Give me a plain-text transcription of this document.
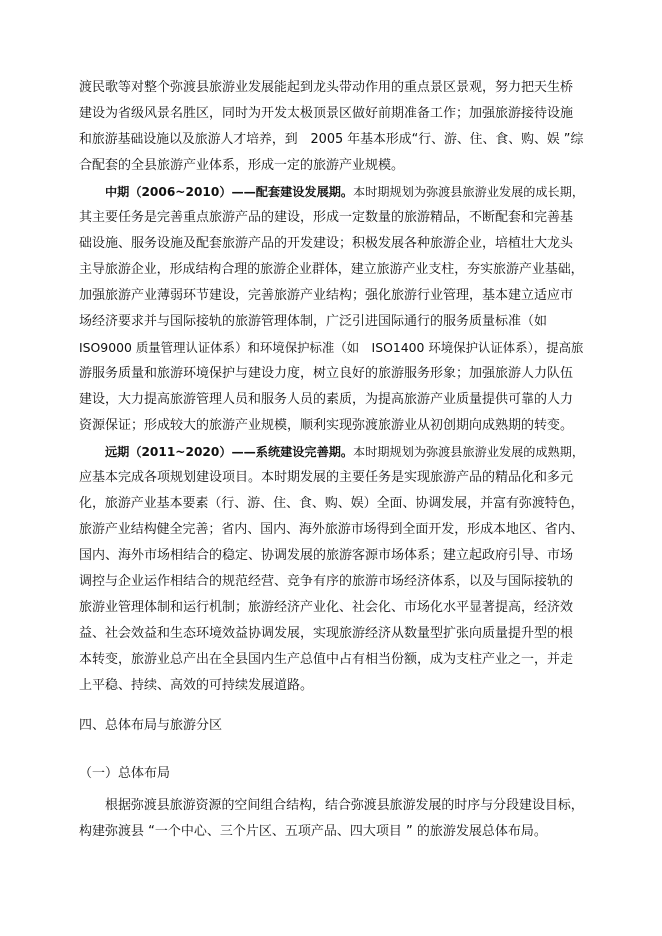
渡民歌等对整个弥渡县旅游业发展能起到龙头带动作用的重点景区景观，努力把天生桥
建设为省级风景名胜区，同时为开发太极顶景区做好前期准备工作；加强旅游接待设施
和旅游基础设施以及旅游人才培养，到　2005 年基本形成“行、游、住、食、购、娱 ”综
合配套的全县旅游产业体系，形成一定的旅游产业规模。
中期（2006~2010）——配套建设发展期。本时期规划为弥渡县旅游业发展的成长期，
其主要任务是完善重点旅游产品的建设，形成一定数量的旅游精品，不断配套和完善基
础设施、服务设施及配套旅游产品的开发建设；积极发展各种旅游企业，培植壮大龙头
主导旅游企业，形成结构合理的旅游企业群体，建立旅游产业支柱，夯实旅游产业基础，
加强旅游产业薄弱环节建设，完善旅游产业结构；强化旅游行业管理，基本建立适应市
场经济要求并与国际接轨的旅游管理体制，广泛引进国际通行的服务质量标准（如
ISO9000 质量管理认证体系）和环境保护标准（如　ISO1400 环境保护认证体系），提高旅
游服务质量和旅游环境保护与建设力度，树立良好的旅游服务形象；加强旅游人力队伍
建设，大力提高旅游管理人员和服务人员的素质，为提高旅游产业质量提供可靠的人力
资源保证；形成较大的旅游产业规模，顺利实现弥渡旅游业从初创期向成熟期的转变。
远期（2011~2020）——系统建设完善期。本时期规划为弥渡县旅游业发展的成熟期，
应基本完成各项规划建设项目。本时期发展的主要任务是实现旅游产品的精品化和多元
化，旅游产业基本要素（行、游、住、食、购、娱）全面、协调发展，并富有弥渡特色，
旅游产业结构健全完善；省内、国内、海外旅游市场得到全面开发，形成本地区、省内、
国内、海外市场相结合的稳定、协调发展的旅游客源市场体系；建立起政府引导、市场
调控与企业运作相结合的规范经营、竞争有序的旅游市场经济体系，以及与国际接轨的
旅游业管理体制和运行机制；旅游经济产业化、社会化、市场化水平显著提高，经济效
益、社会效益和生态环境效益协调发展，实现旅游经济从数量型扩张向质量提升型的根
本转变，旅游业总产出在全县国内生产总值中占有相当份额，成为支柱产业之一，并走
上平稳、持续、高效的可持续发展道路。
四、总体布局与旅游分区
（一）总体布局
根据弥渡县旅游资源的空间组合结构，结合弥渡县旅游发展的时序与分段建设目标，
构建弥渡县 “一个中心、三个片区、五项产品、四大项目 ” 的旅游发展总体布局。
